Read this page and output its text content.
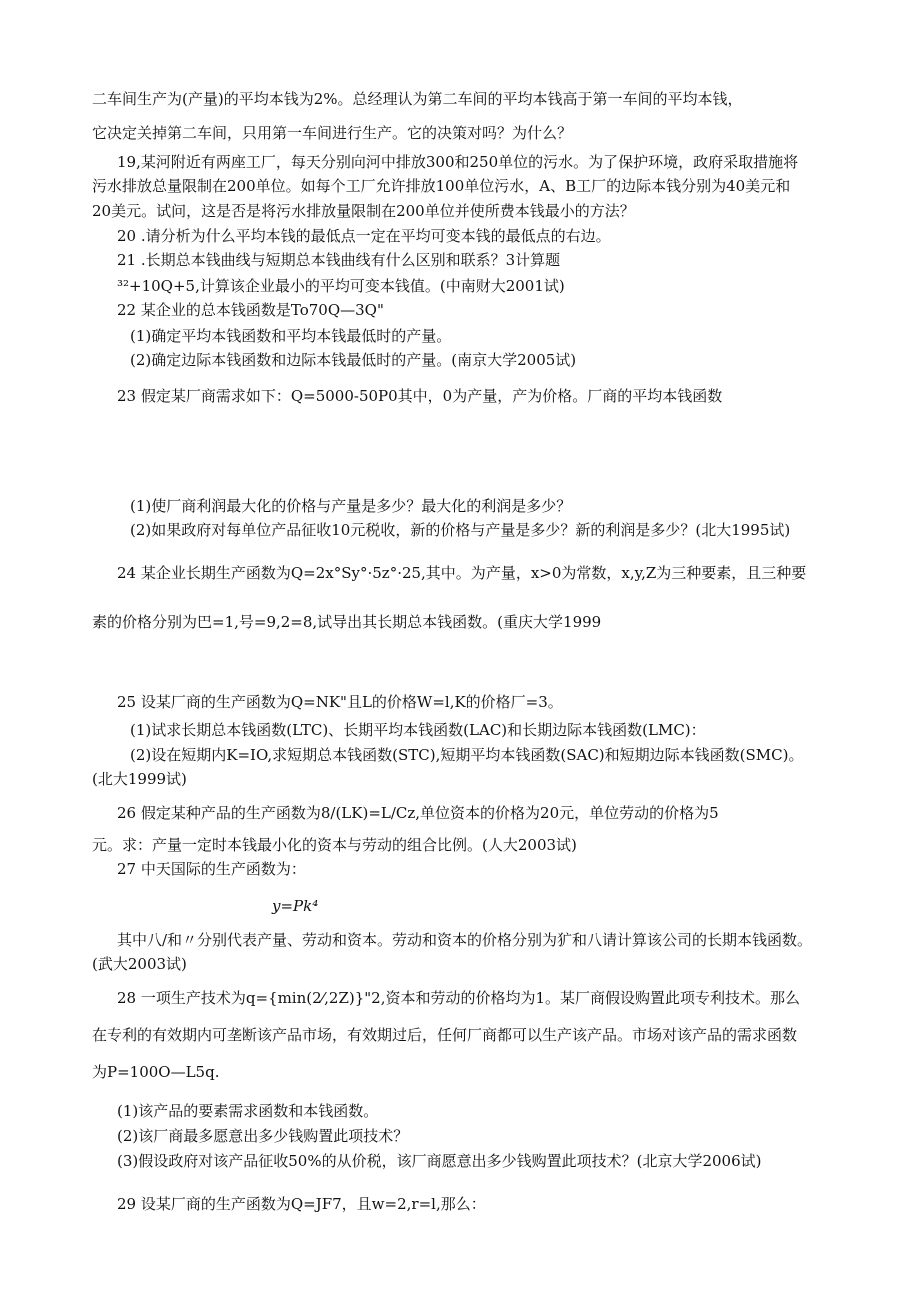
二车间生产为(产量)的平均本钱为2%。总经理认为第二车间的平均本钱高于第一车间的平均本钱，
它决定关掉第二车间，只用第一车间进行生产。它的决策对吗？为什么？
19,某河附近有两座工厂，每天分别向河中排放300和250单位的污水。为了保护环境，政府采取措施将
污水排放总量限制在200单位。如每个工厂允许排放100单位污水，A、B工厂的边际本钱分别为40美元和
20美元。试问，这是否是将污水排放量限制在200单位并使所费本钱最小的方法？
20 .请分析为什么平均本钱的最低点一定在平均可变本钱的最低点的右边。
21 .长期总本钱曲线与短期总本钱曲线有什么区别和联系？3计算题
³²+10Q+5,计算该企业最小的平均可变本钱值。(中南财大2001试)
22 某企业的总本钱函数是To70Q—3Q"
(1)确定平均本钱函数和平均本钱最低时的产量。
(2)确定边际本钱函数和边际本钱最低时的产量。(南京大学2005试)
23 假定某厂商需求如下：Q=5000-50P0其中，0为产量，产为价格。厂商的平均本钱函数
(1)使厂商利润最大化的价格与产量是多少？最大化的利润是多少？
(2)如果政府对每单位产品征收10元税收，新的价格与产量是多少？新的利润是多少？(北大1995试)
24 某企业长期生产函数为Q=2x°Sy°·5z°·25,其中。为产量，x>0为常数，x,y,Z为三种要素，且三种要
素的价格分别为巴=1,号=9,2=8,试导出其长期总本钱函数。(重庆大学1999
25 设某厂商的生产函数为Q=NK"且L的价格W=l,K的价格厂=3。
(1)试求长期总本钱函数(LTC)、长期平均本钱函数(LAC)和长期边际本钱函数(LMC)：
(2)设在短期内K=IO,求短期总本钱函数(STC),短期平均本钱函数(SAC)和短期边际本钱函数(SMC)。
(北大1999试)
26 假定某种产品的生产函数为8/(LK)=L/Cz,单位资本的价格为20元，单位劳动的价格为5
元。求：产量一定时本钱最小化的资本与劳动的组合比例。(人大2003试)
27 中天国际的生产函数为：
y=Pk⁴
其中八/和〃分别代表产量、劳动和资本。劳动和资本的价格分别为犷和八请计算该公司的长期本钱函数。
(武大2003试)
28 一项生产技术为q={min(2⁄,2Z)}"2,资本和劳动的价格均为1。某厂商假设购置此项专利技术。那么
在专利的有效期内可垄断该产品市场，有效期过后，任何厂商都可以生产该产品。市场对该产品的需求函数
为P=100O—L5q.
(1)该产品的要素需求函数和本钱函数。
(2)该厂商最多愿意出多少钱购置此项技术？
(3)假设政府对该产品征收50%的从价税，该厂商愿意出多少钱购置此项技术？(北京大学2006试)
29 设某厂商的生产函数为Q=JF7，且w=2,r=l,那么：
